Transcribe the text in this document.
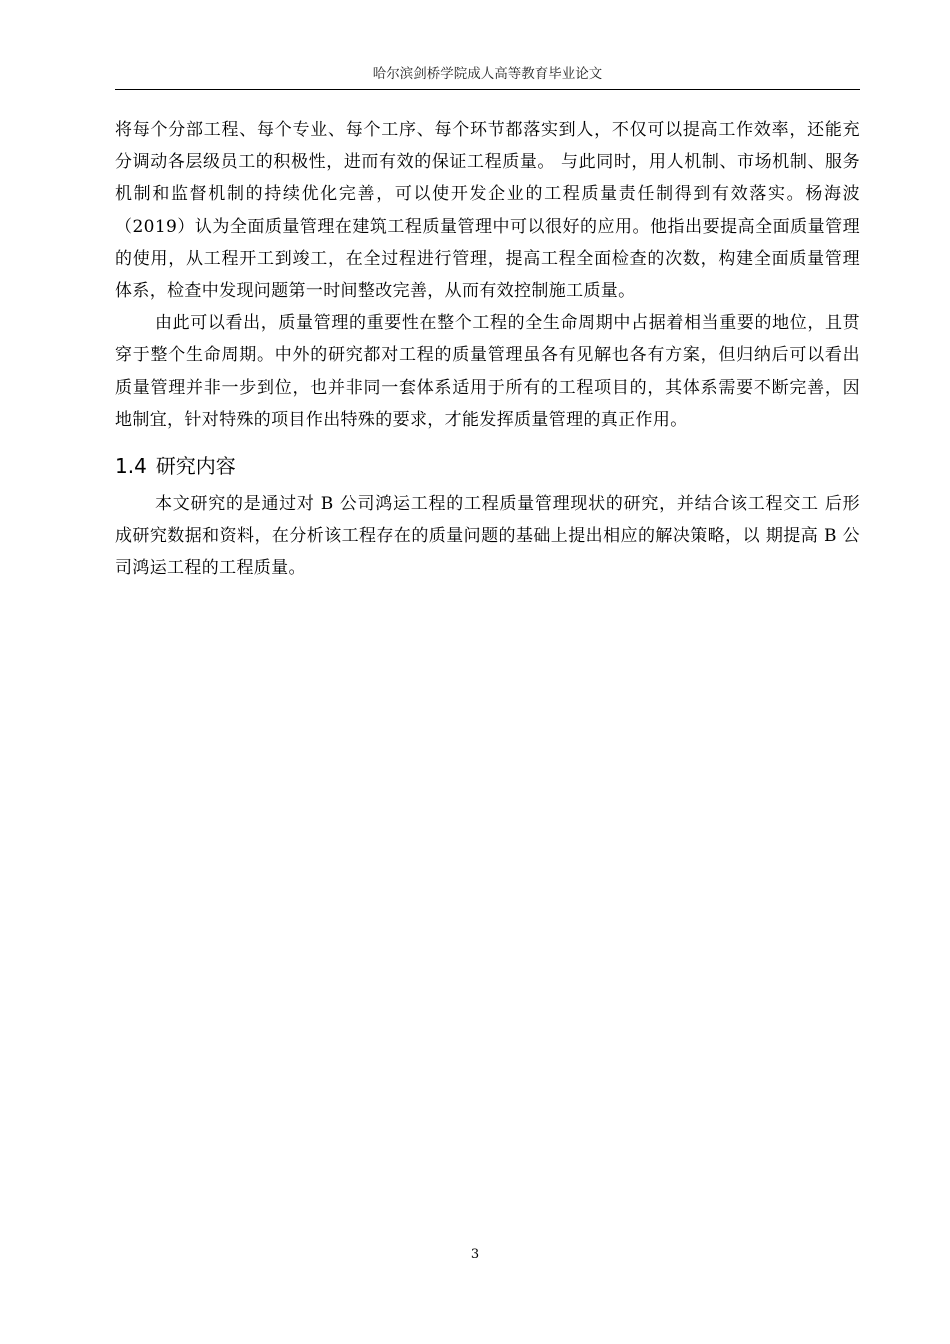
哈尔滨剑桥学院成人高等教育毕业论文

将每个分部工程、每个专业、每个工序、每个环节都落实到人，不仅可以提高工作效率，还能充分调动各层级员工的积极性，进而有效的保证工程质量。 与此同时，用人机制、市场机制、服务机制和监督机制的持续优化完善，可以使开发企业的工程质量责任制得到有效落实。杨海波（2019）认为全面质量管理在建筑工程质量管理中可以很好的应用。他指出要提高全面质量管理的使用，从工程开工到竣工，在全过程进行管理，提高工程全面检查的次数，构建全面质量管理体系，检查中发现问题第一时间整改完善，从而有效控制施工质量。

由此可以看出，质量管理的重要性在整个工程的全生命周期中占据着相当重要的地位，且贯穿于整个生命周期。中外的研究都对工程的质量管理虽各有见解也各有方案，但归纳后可以看出质量管理并非一步到位，也并非同一套体系适用于所有的工程项目的，其体系需要不断完善，因地制宜，针对特殊的项目作出特殊的要求，才能发挥质量管理的真正作用。

1.4 研究内容

本文研究的是通过对 B 公司鸿运工程的工程质量管理现状的研究，并结合该工程交工 后形成研究数据和资料，在分析该工程存在的质量问题的基础上提出相应的解决策略，以 期提高 B 公司鸿运工程的工程质量。

3
